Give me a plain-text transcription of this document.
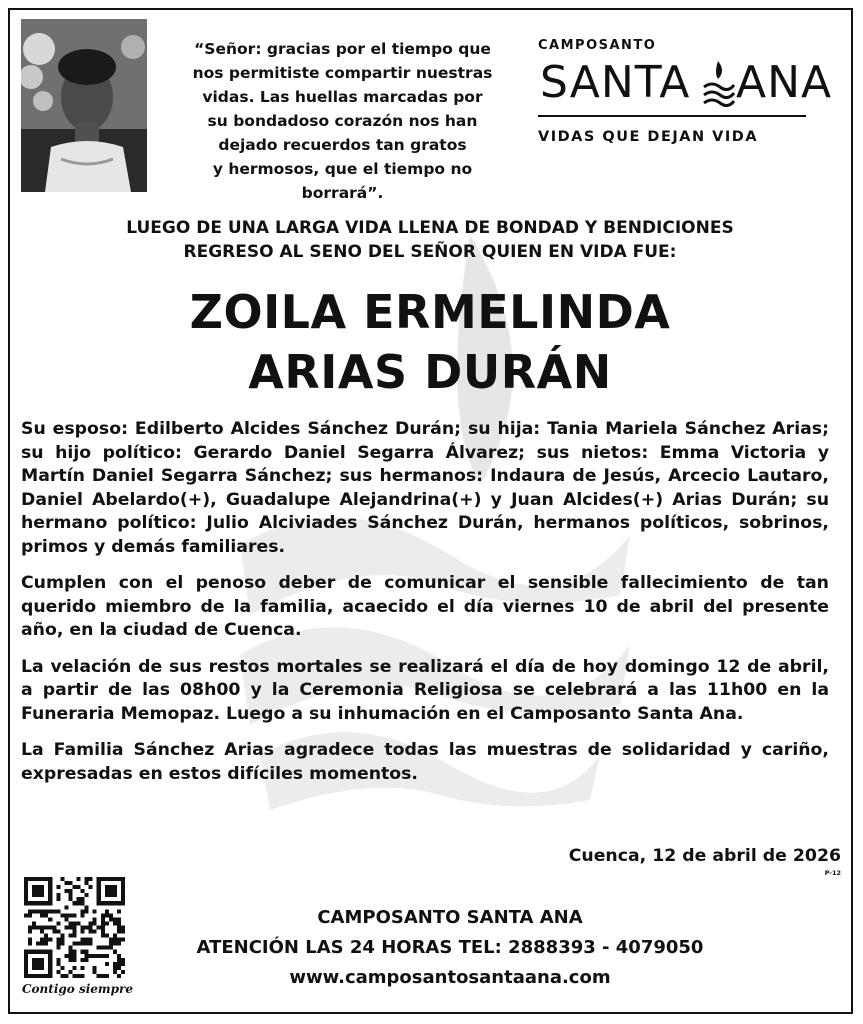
“Señor: gracias por el tiempo que
nos permitiste compartir nuestras
vidas. Las huellas marcadas por
su bondadoso corazón nos han
dejado recuerdos tan gratos
y hermosos, que el tiempo no
borrará”.
CAMPOSANTO
SANTA ANA
VIDAS QUE DEJAN VIDA
LUEGO DE UNA LARGA VIDA LLENA DE BONDAD Y BENDICIONES
REGRESO AL SENO DEL SEÑOR QUIEN EN VIDA FUE:
ZOILA ERMELINDA
ARIAS DURÁN

Su esposo: Edilberto Alcides Sánchez Durán; su hija: Tania Mariela Sánchez Arias; su hijo político: Gerardo Daniel Segarra Álvarez; sus nietos: Emma Victoria y Martín Daniel Segarra Sánchez; sus hermanos: Indaura de Jesús, Arcecio Lautaro, Daniel Abelardo(+), Guadalupe Alejandrina(+) y Juan Alcides(+) Arias Durán; su hermano político: Julio Alciviades Sánchez Durán, hermanos políticos, sobrinos, primos y demás familiares.

Cumplen con el penoso deber de comunicar el sensible fallecimiento de tan querido miembro de la familia, acaecido el día viernes 10 de abril del presente año, en la ciudad de Cuenca.

La velación de sus restos mortales se realizará el día de hoy domingo 12 de abril, a partir de las 08h00 y la Ceremonia Religiosa se celebrará a las 11h00 en la Funeraria Memopaz. Luego a su inhumación en el Camposanto Santa Ana.

La Familia Sánchez Arias agradece todas las muestras de solidaridad y cariño, expresadas en estos difíciles momentos.

Cuenca, 12 de abril de 2026
P-12
Contigo siempre
CAMPOSANTO SANTA ANA
ATENCIÓN LAS 24 HORAS TEL: 2888393 - 4079050
www.camposantosantaana.com
